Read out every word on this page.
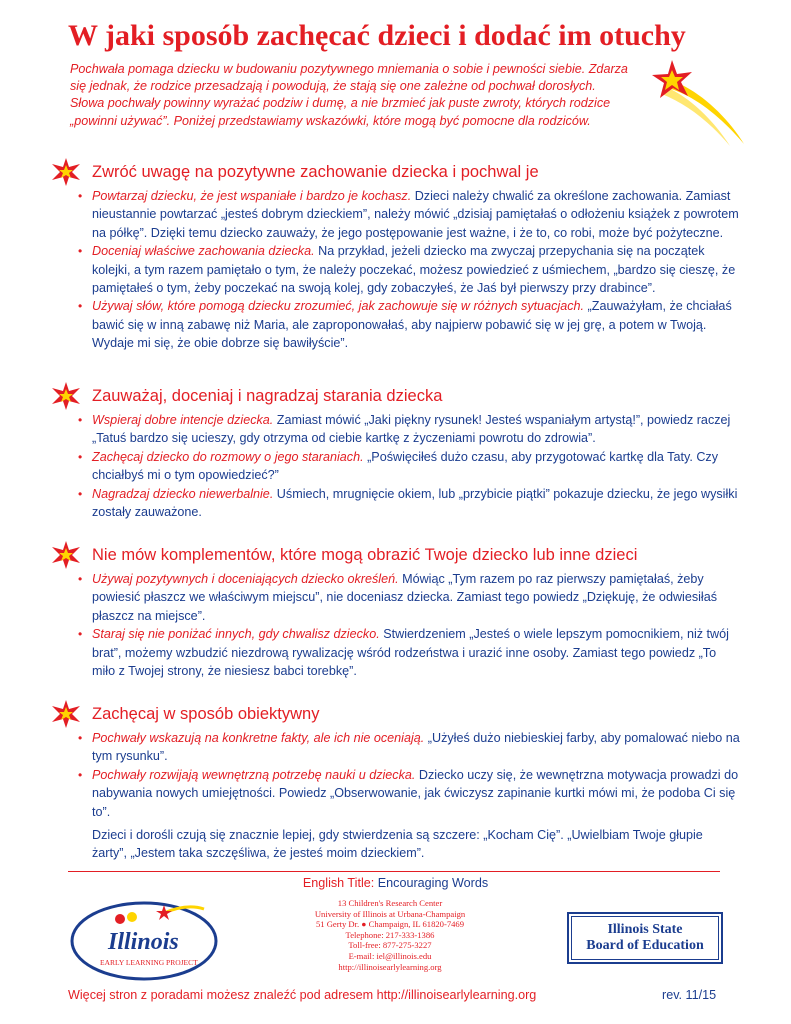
W jaki sposób zachęcać dzieci i dodać im otuchy

Pochwała pomaga dziecku w budowaniu pozytywnego mniemania o sobie i pewności siebie. Zdarza się jednak, że rodzice przesadzają i powodują, że stają się one zależne od pochwał dorosłych. Słowa pochwały powinny wyrażać podziw i dumę, a nie brzmieć jak puste zwroty, których rodzice „powinni używać”. Poniżej przedstawiamy wskazówki, które mogą być pomocne dla rodziców.

Zwróć uwagę na pozytywne zachowanie dziecka i pochwal je
• Powtarzaj dziecku, że jest wspaniałe i bardzo je kochasz. Dzieci należy chwalić za określone zachowania. Zamiast nieustannie powtarzać „jesteś dobrym dzieckiem”, należy mówić „dzisiaj pamiętałaś o odłożeniu książek z powrotem na półkę”. Dzięki temu dziecko zauważy, że jego postępowanie jest ważne, i że to, co robi, może być pożyteczne.
• Doceniaj właściwe zachowania dziecka. Na przykład, jeżeli dziecko ma zwyczaj przepychania się na początek kolejki, a tym razem pamiętało o tym, że należy poczekać, możesz powiedzieć z uśmiechem, „bardzo się cieszę, że pamiętałeś o tym, żeby poczekać na swoją kolej, gdy zobaczyłeś, że Jaś był pierwszy przy drabince”.
• Używaj słów, które pomogą dziecku zrozumieć, jak zachowuje się w różnych sytuacjach. „Zauważyłam, że chciałaś bawić się w inną zabawę niż Maria, ale zaproponowałaś, aby najpierw pobawić się w jej grę, a potem w Twoją. Wydaje mi się, że obie dobrze się bawiłyście”.
Zauważaj, doceniaj i nagradzaj starania dziecka
• Wspieraj dobre intencje dziecka. Zamiast mówić „Jaki piękny rysunek! Jesteś wspaniałym artystą!”, powiedz raczej „Tatuś bardzo się ucieszy, gdy otrzyma od ciebie kartkę z życzeniami powrotu do zdrowia”.
• Zachęcaj dziecko do rozmowy o jego staraniach. „Poświęciłeś dużo czasu, aby przygotować kartkę dla Taty. Czy chciałbyś mi o tym opowiedzieć?”
• Nagradzaj dziecko niewerbalnie. Uśmiech, mrugnięcie okiem, lub „przybicie piątki” pokazuje dziecku, że jego wysiłki zostały zauważone.
Nie mów komplementów, które mogą obrazić Twoje dziecko lub inne dzieci
• Używaj pozytywnych i doceniających dziecko określeń. Mówiąc „Tym razem po raz pierwszy pamiętałaś, żeby powiesić płaszcz we właściwym miejscu”, nie doceniasz dziecka. Zamiast tego powiedz „Dziękuję, że odwiesiłaś płaszcz na miejsce”.
• Staraj się nie poniżać innych, gdy chwalisz dziecko. Stwierdzeniem „Jesteś o wiele lepszym pomocnikiem, niż twój brat”, możemy wzbudzić niezdrową rywalizację wśród rodzeństwa i urazić inne osoby. Zamiast tego powiedz „To miło z Twojej strony, że niesiesz babci torebkę”.
Zachęcaj w sposób obiektywny
• Pochwały wskazują na konkretne fakty, ale ich nie oceniają. „Użyłeś dużo niebieskiej farby, aby pomalować niebo na tym rysunku”.
• Pochwały rozwijają wewnętrzną potrzebę nauki u dziecka. Dziecko uczy się, że wewnętrzna motywacja prowadzi do nabywania nowych umiejętności. Powiedz „Obserwowanie, jak ćwiczysz zapinanie kurtki mówi mi, że podoba Ci się to”.

Dzieci i dorośli czują się znacznie lepiej, gdy stwierdzenia są szczere: „Kocham Cię”. „Uwielbiam Twoje głupie żarty”, „Jestem taka szczęśliwa, że jesteś moim dzieckiem”.

English Title: Encouraging Words
Illinois
EARLY LEARNING PROJECT
13 Children's Research Center
University of Illinois at Urbana-Champaign
51 Gerty Dr. ● Champaign, IL 61820-7469
Telephone: 217-333-1386
Toll-free: 877-275-3227
E-mail: iel@illinois.edu
http://illinoisearlylearning.org
Illinois State
Board of Education
Więcej stron z poradami możesz znaleźć pod adresem http://illinoisearlylearning.org	rev. 11/15
